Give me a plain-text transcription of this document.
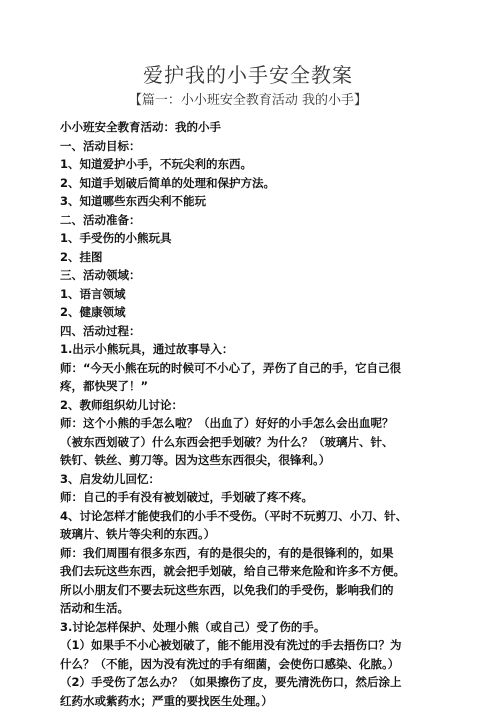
爱护我的小手安全教案
【篇一：小小班安全教育活动 我的小手】

小小班安全教育活动：我的小手

一、活动目标：

1、知道爱护小手，不玩尖利的东西。

2、知道手划破后简单的处理和保护方法。

3、知道哪些东西尖利不能玩

二、活动准备：

1、手受伤的小熊玩具

2、挂图

三、活动领域：

1、语言领域

2、健康领域

四、活动过程：

1.出示小熊玩具，通过故事导入：

师：“今天小熊在玩的时候可不小心了，弄伤了自己的手，它自己很

疼，都快哭了！”

2、教师组织幼儿讨论：

师：这个小熊的手怎么啦？（出血了）好好的小手怎么会出血呢？

（被东西划破了）什么东西会把手划破？为什么？（玻璃片、针、

铁钉、铁丝、剪刀等。因为这些东西很尖，很锋利。）

3、启发幼儿回忆：

师：自己的手有没有被划破过，手划破了疼不疼。

4、讨论怎样才能使我们的小手不受伤。（平时不玩剪刀、小刀、针、

玻璃片、铁片等尖利的东西。）

师：我们周围有很多东西，有的是很尖的，有的是很锋利的，如果

我们去玩这些东西，就会把手划破，给自己带来危险和许多不方便。

所以小朋友们不要去玩这些东西，以免我们的手受伤，影响我们的

活动和生活。

3.讨论怎样保护、处理小熊（或自己）受了伤的手。

（1）如果手不小心被划破了，能不能用没有洗过的手去捂伤口？为

什么？（不能，因为没有洗过的手有细菌，会使伤口感染、化脓。）

（2）手受伤了怎么办？（如果擦伤了皮，要先清洗伤口，然后涂上

红药水或紫药水；严重的要找医生处理。）
